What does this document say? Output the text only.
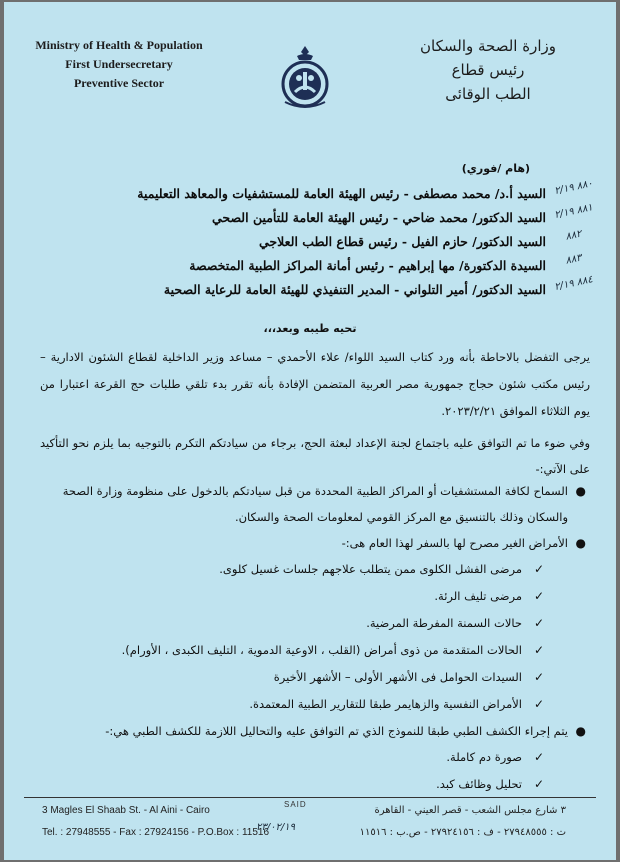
Ministry of Health & Population
First Undersecretary
Preventive Sector
وزارة الصحة والسكان
رئيس قطاع
الطب الوقائى
(هام /فوري)
السيد أ.د/ محمد مصطفى - رئيس الهيئة العامة للمستشفيات والمعاهد التعليمية
السيد الدكتور/ محمد ضاحي - رئيس الهيئة العامة للتأمين الصحي
السيد الدكتور/ حازم الفيل - رئيس قطاع الطب العلاجي
السيدة الدكتورة/ مها إبراهيم - رئيس أمانة المراكز الطبية المتخصصة
السيد الدكتور/ أمير التلواني - المدير التنفيذي للهيئة العامة للرعاية الصحية
٨٨٠ ٢/١٩
٨٨١ ٢/١٩
٨٨٢
٨٨٣
٨٨٤ ٢/١٩
تحيه طيبه وبعد،،،
يرجى التفضل بالاحاطة بأنه ورد كتاب السيد اللواء/ علاء الأحمدي – مساعد وزير الداخلية لقطاع الشئون الادارية – رئيس مكتب شئون حجاج جمهورية مصر العربية المتضمن الإفادة بأنه تقرر بدء تلقي طلبات حج القرعة اعتبارا من يوم الثلاثاء الموافق ٢٠٢٣/٢/٢١.
وفي ضوء ما تم التوافق عليه باجتماع لجنة الإعداد لبعثة الحج، برجاء من سيادتكم التكرم بالتوجيه بما يلزم نحو التأكيد على الآتي:-
●
السماح لكافة المستشفيات أو المراكز الطبية المحددة من قبل سيادتكم بالدخول على منظومة وزارة الصحة والسكان وذلك بالتنسيق مع المركز القومي لمعلومات الصحة والسكان.
●
الأمراض الغير مصرح لها بالسفر لهذا العام هى:-
✓
مرضى الفشل الكلوى ممن يتطلب علاجهم جلسات غسيل كلوى.
✓
مرضى تليف الرئة.
✓
حالات السمنة المفرطة المرضية.
✓
الحالات المتقدمة من ذوى أمراض (القلب ، الاوعية الدموية ، التليف الكبدى ، الأورام).
✓
السيدات الحوامل فى الأشهر الأولى – الأشهر الأخيرة
✓
الأمراض النفسية والزهايمر طبقا للتقارير الطبية المعتمدة.
●
يتم إجراء الكشف الطبي طبقا للنموذج الذي تم التوافق عليه والتحاليل اللازمة للكشف الطبي هي:-
✓
صورة دم كاملة.
✓
تحليل وظائف كبد.
3 Magles El Shaab St. - Al Aini - Cairo
Tel. : 27948555 - Fax : 27924156 - P.O.Box : 11516
SAID
٢٣/٠٢/١٩
٣ شارع مجلس الشعب - قصر العيني - القاهرة
ت : ٢٧٩٤٨٥٥٥ - ف : ٢٧٩٢٤١٥٦ - ص.ب : ١١٥١٦
